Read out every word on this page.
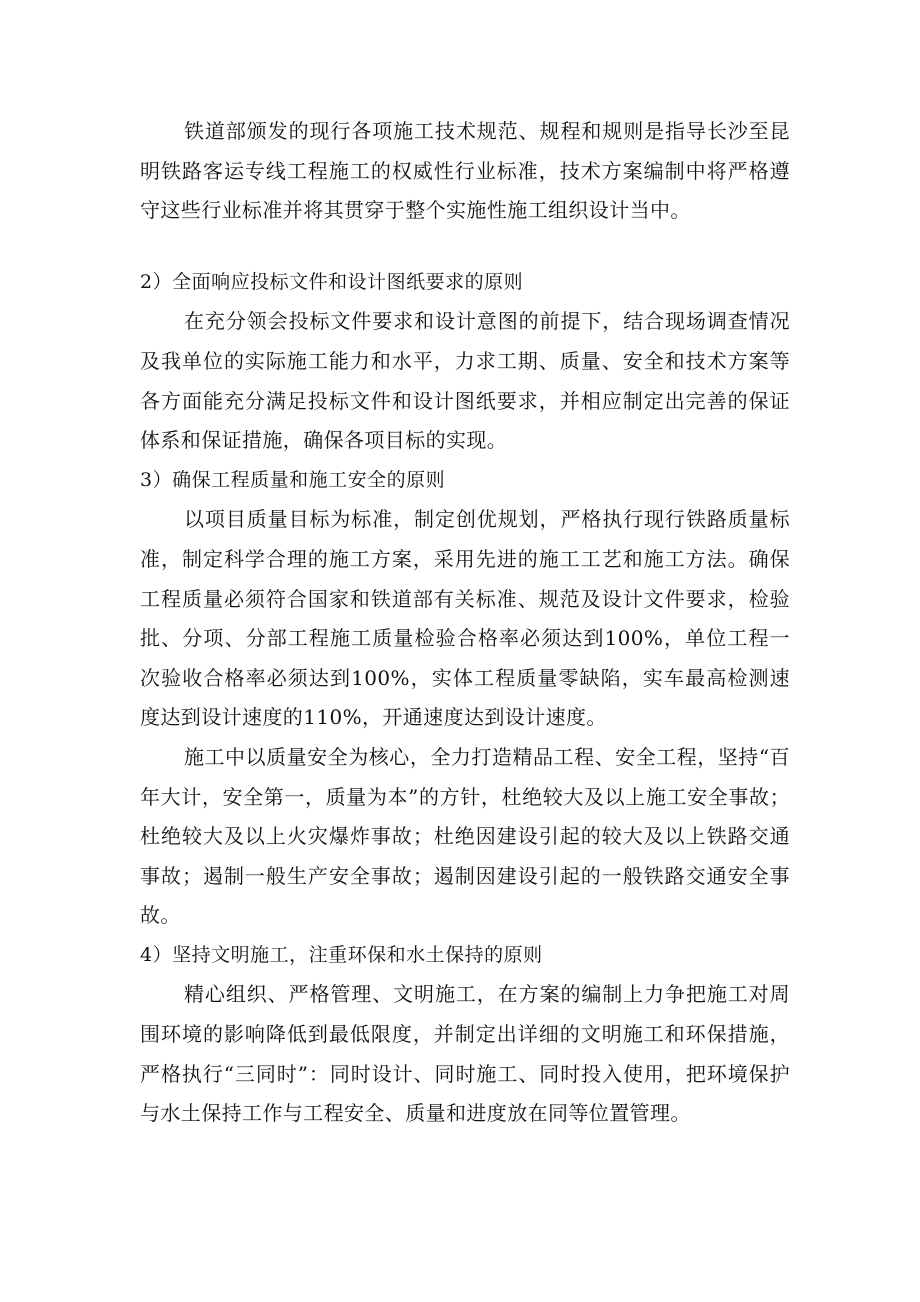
铁道部颁发的现行各项施工技术规范、规程和规则是指导长沙至昆明铁路客运专线工程施工的权威性行业标准，技术方案编制中将严格遵守这些行业标准并将其贯穿于整个实施性施工组织设计当中。

2）全面响应投标文件和设计图纸要求的原则

在充分领会投标文件要求和设计意图的前提下，结合现场调查情况及我单位的实际施工能力和水平，力求工期、质量、安全和技术方案等各方面能充分满足投标文件和设计图纸要求，并相应制定出完善的保证体系和保证措施，确保各项目标的实现。

3）确保工程质量和施工安全的原则

以项目质量目标为标准，制定创优规划，严格执行现行铁路质量标准，制定科学合理的施工方案，采用先进的施工工艺和施工方法。确保工程质量必须符合国家和铁道部有关标准、规范及设计文件要求，检验批、分项、分部工程施工质量检验合格率必须达到100%，单位工程一次验收合格率必须达到100%，实体工程质量零缺陷，实车最高检测速度达到设计速度的110%，开通速度达到设计速度。

施工中以质量安全为核心，全力打造精品工程、安全工程，坚持“百年大计，安全第一，质量为本”的方针，杜绝较大及以上施工安全事故；杜绝较大及以上火灾爆炸事故；杜绝因建设引起的较大及以上铁路交通事故；遏制一般生产安全事故；遏制因建设引起的一般铁路交通安全事故。

4）坚持文明施工，注重环保和水土保持的原则

精心组织、严格管理、文明施工，在方案的编制上力争把施工对周围环境的影响降低到最低限度，并制定出详细的文明施工和环保措施，严格执行“三同时”：同时设计、同时施工、同时投入使用，把环境保护与水土保持工作与工程安全、质量和进度放在同等位置管理。
